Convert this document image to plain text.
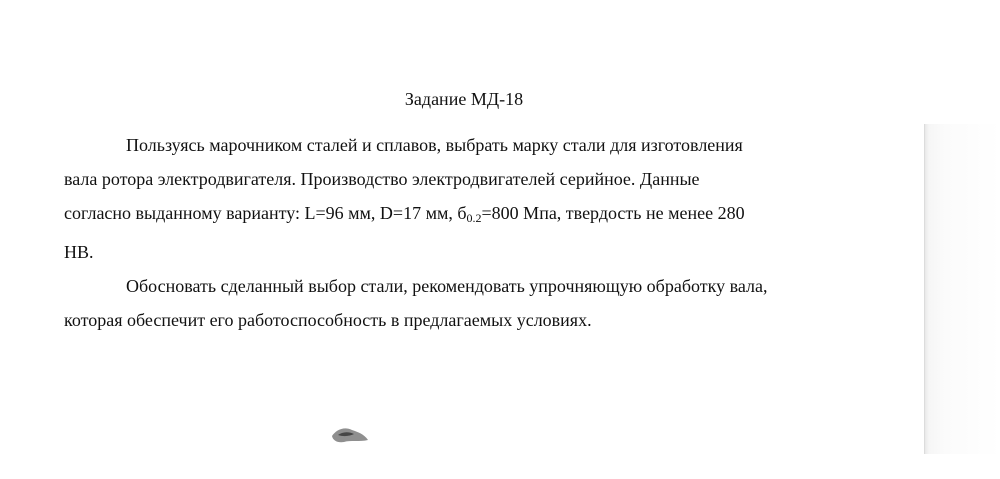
Задание МД-18
Пользуясь марочником сталей и сплавов, выбрать марку стали для изготовления
вала ротора электродвигателя. Производство электродвигателей серийное. Данные
согласно выданному варианту: L=96 мм, D=17 мм, $б_{0.2}=800$ Мпа, твердость не менее 280
НВ.
Обосновать сделанный выбор стали, рекомендовать упрочняющую обработку вала,
которая обеспечит его работоспособность в предлагаемых условиях.
